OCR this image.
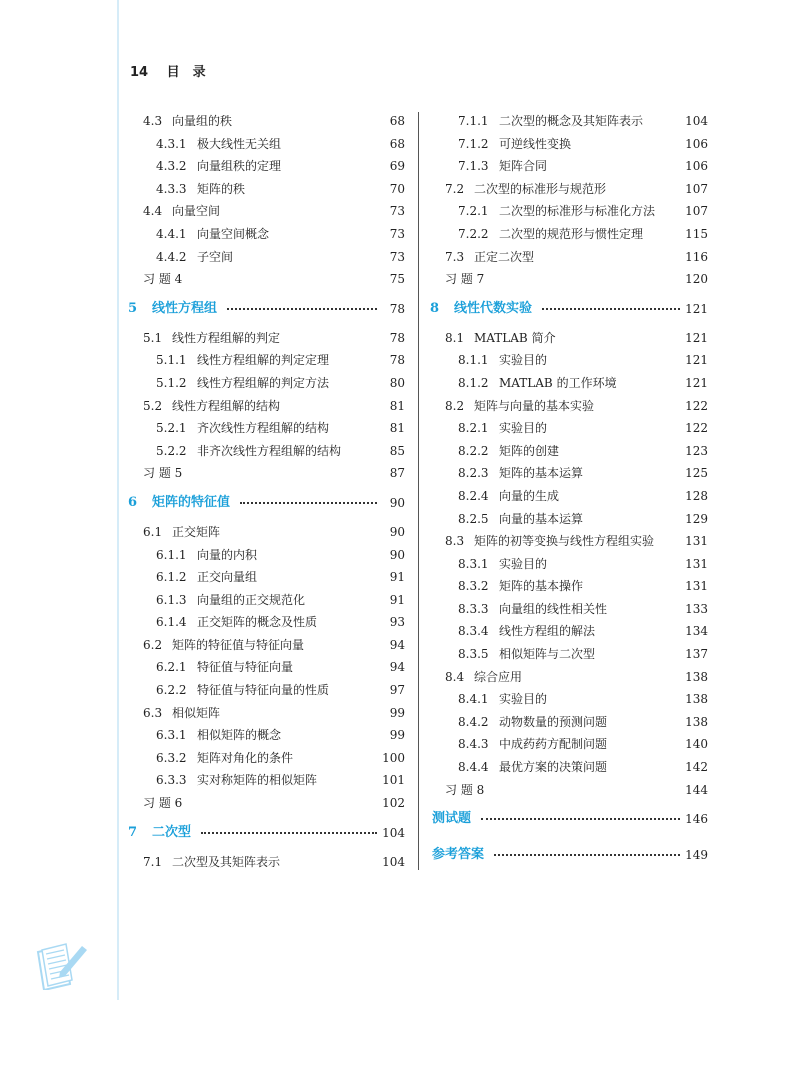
14 目　录
4.3 向量组的秩	68
4.3.1 极大线性无关组	68
4.3.2 向量组秩的定理	69
4.3.3 矩阵的秩	70
4.4 向量空间	73
4.4.1 向量空间概念	73
4.4.2 子空间	73
习 题 4	75
5 线性方程组	78
5.1 线性方程组解的判定	78
5.1.1 线性方程组解的判定定理	78
5.1.2 线性方程组解的判定方法	80
5.2 线性方程组解的结构	81
5.2.1 齐次线性方程组解的结构	81
5.2.2 非齐次线性方程组解的结构	85
习 题 5	87
6 矩阵的特征值	90
6.1 正交矩阵	90
6.1.1 向量的内积	90
6.1.2 正交向量组	91
6.1.3 向量组的正交规范化	91
6.1.4 正交矩阵的概念及性质	93
6.2 矩阵的特征值与特征向量	94
6.2.1 特征值与特征向量	94
6.2.2 特征值与特征向量的性质	97
6.3 相似矩阵	99
6.3.1 相似矩阵的概念	99
6.3.2 矩阵对角化的条件	100
6.3.3 实对称矩阵的相似矩阵	101
习 题 6	102
7 二次型	104
7.1 二次型及其矩阵表示	104
7.1.1 二次型的概念及其矩阵表示	104
7.1.2 可逆线性变换	106
7.1.3 矩阵合同	106
7.2 二次型的标准形与规范形	107
7.2.1 二次型的标准形与标准化方法	107
7.2.2 二次型的规范形与惯性定理	115
7.3 正定二次型	116
习 题 7	120
8 线性代数实验	121
8.1 MATLAB 简介	121
8.1.1 实验目的	121
8.1.2 MATLAB 的工作环境	121
8.2 矩阵与向量的基本实验	122
8.2.1 实验目的	122
8.2.2 矩阵的创建	123
8.2.3 矩阵的基本运算	125
8.2.4 向量的生成	128
8.2.5 向量的基本运算	129
8.3 矩阵的初等变换与线性方程组实验	131
8.3.1 实验目的	131
8.3.2 矩阵的基本操作	131
8.3.3 向量组的线性相关性	133
8.3.4 线性方程组的解法	134
8.3.5 相似矩阵与二次型	137
8.4 综合应用	138
8.4.1 实验目的	138
8.4.2 动物数量的预测问题	138
8.4.3 中成药药方配制问题	140
8.4.4 最优方案的决策问题	142
习 题 8	144
测试题	146
参考答案	149
